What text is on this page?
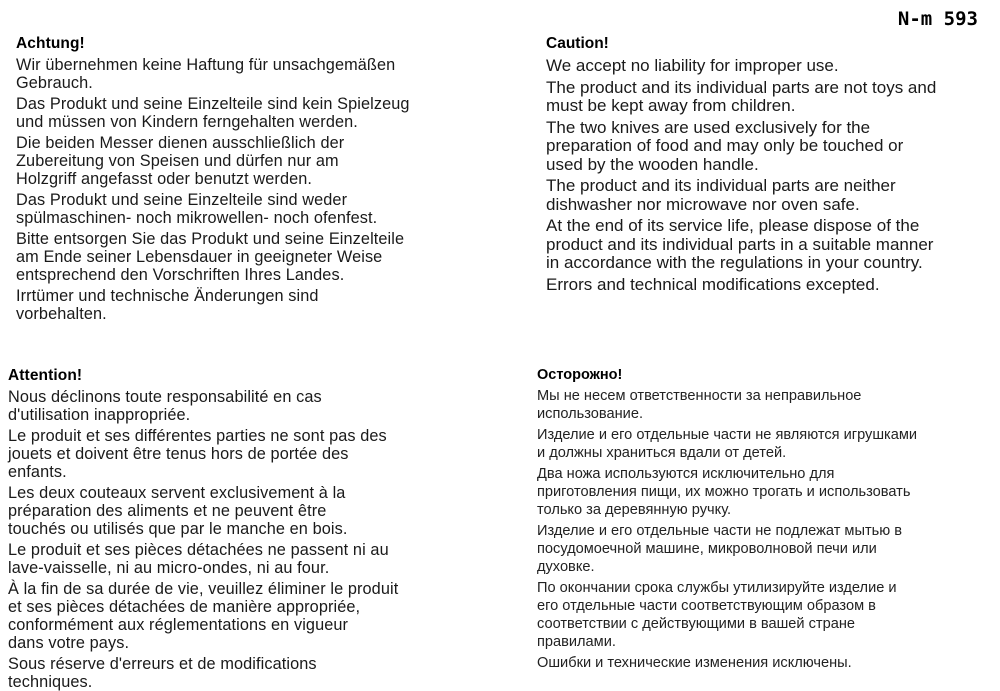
N-m 593
Achtung!
Wir übernehmen keine Haftung für unsachgemäßen
Gebrauch.
Das Produkt und seine Einzelteile sind kein Spielzeug
und müssen von Kindern ferngehalten werden.
Die beiden Messer dienen ausschließlich der
Zubereitung von Speisen und dürfen nur am
Holzgriff angefasst oder benutzt werden.
Das Produkt und seine Einzelteile sind weder
spülmaschinen- noch mikrowellen- noch ofenfest.
Bitte entsorgen Sie das Produkt und seine Einzelteile
am Ende seiner Lebensdauer in geeigneter Weise
entsprechend den Vorschriften Ihres Landes.
Irrtümer und technische Änderungen sind
vorbehalten.
Caution!
We accept no liability for improper use.
The product and its individual parts are not toys and
must be kept away from children.
The two knives are used exclusively for the
preparation of food and may only be touched or
used by the wooden handle.
The product and its individual parts are neither
dishwasher nor microwave nor oven safe.
At the end of its service life, please dispose of the
product and its individual parts in a suitable manner
in accordance with the regulations in your country.
Errors and technical modifications excepted.
Attention!
Nous déclinons toute responsabilité en cas
d'utilisation inappropriée.
Le produit et ses différentes parties ne sont pas des
jouets et doivent être tenus hors de portée des
enfants.
Les deux couteaux servent exclusivement à la
préparation des aliments et ne peuvent être
touchés ou utilisés que par le manche en bois.
Le produit et ses pièces détachées ne passent ni au
lave-vaisselle, ni au micro-ondes, ni au four.
À la fin de sa durée de vie, veuillez éliminer le produit
et ses pièces détachées de manière appropriée,
conformément aux réglementations en vigueur
dans votre pays.
Sous réserve d'erreurs et de modifications
techniques.
Осторожно!
Мы не несем ответственности за неправильное
использование.
Изделие и его отдельные части не являются игрушками
и должны храниться вдали от детей.
Два ножа используются исключительно для
приготовления пищи, их можно трогать и использовать
только за деревянную ручку.
Изделие и его отдельные части не подлежат мытью в
посудомоечной машине, микроволновой печи или
духовке.
По окончании срока службы утилизируйте изделие и
его отдельные части соответствующим образом в
соответствии с действующими в вашей стране
правилами.
Ошибки и технические изменения исключены.
